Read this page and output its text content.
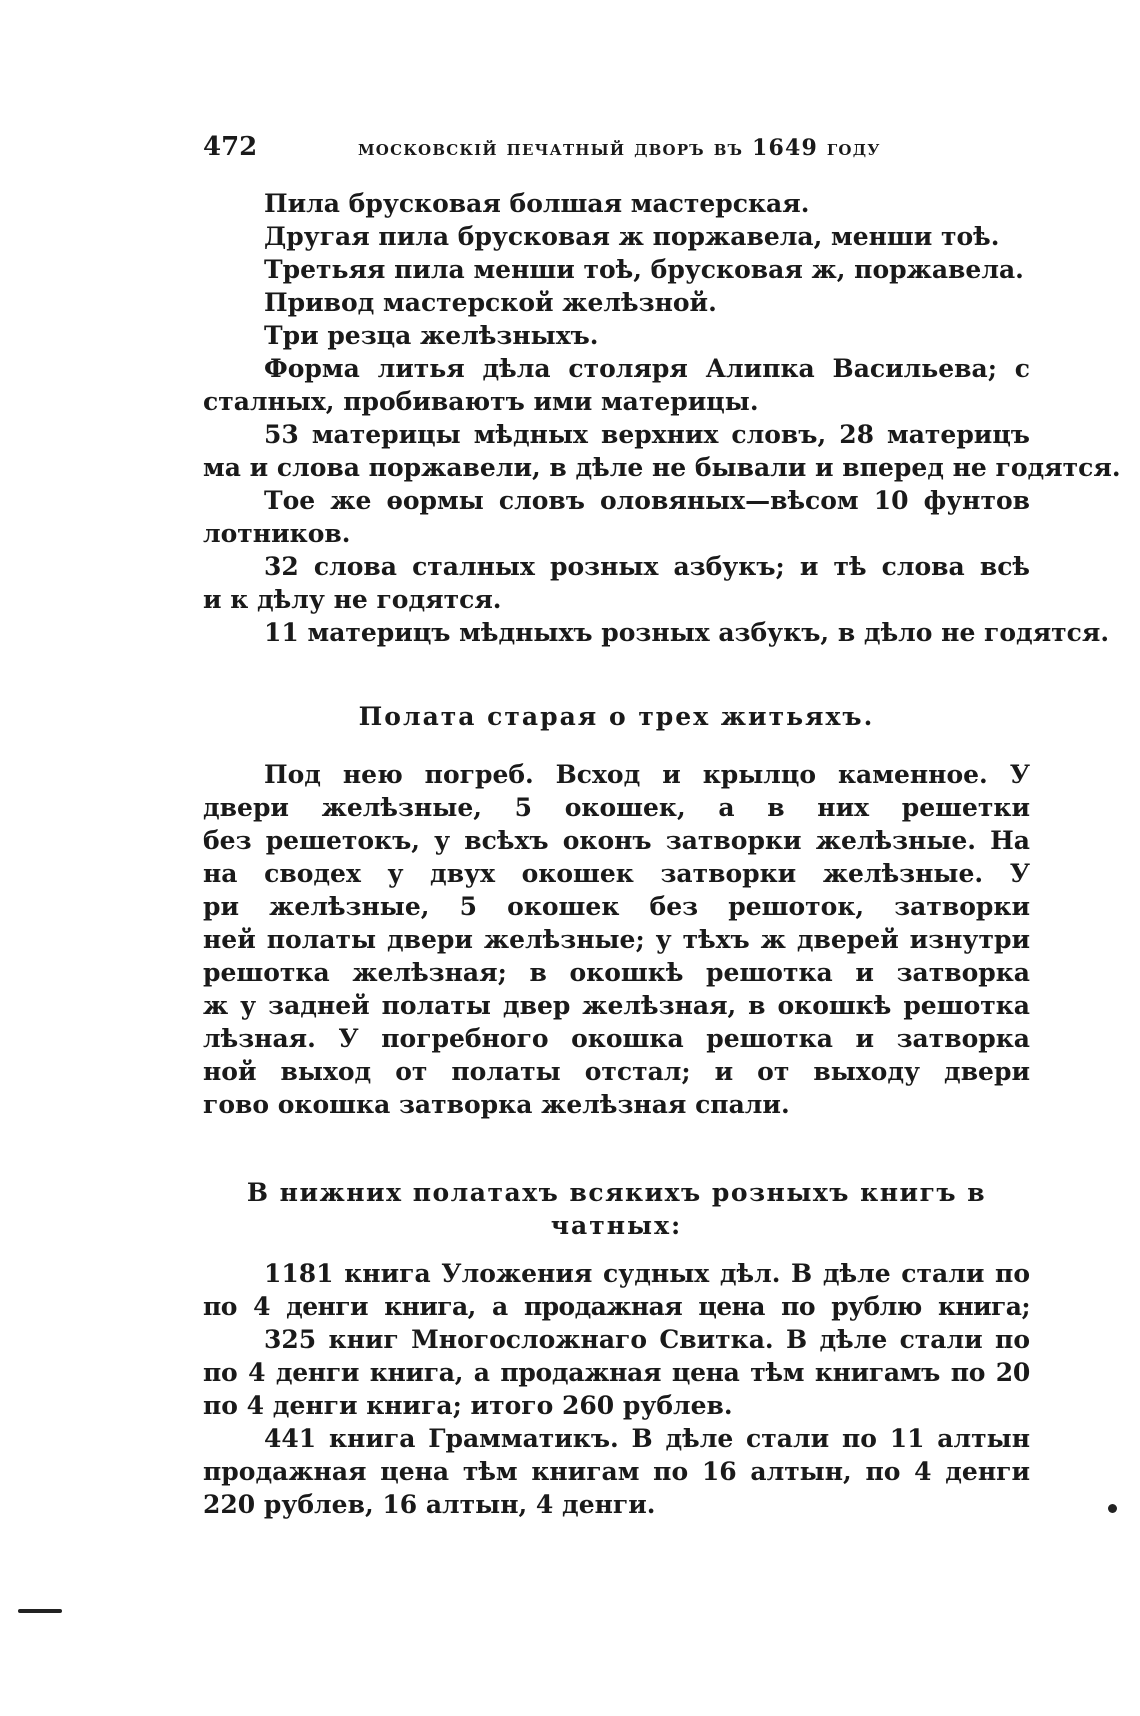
472	московскій печатный дворъ въ 1649 году
Пила брусковая болшая мастерская.
Другая пила брусковая ж поржавела, менши тоѣ.
Третьяя пила менши тоѣ, брусковая ж, поржавела.
Привод мастерской желѣзной.
Три резца желѣзныхъ.
Форма литья дѣла столяря Алипка Васильева; с
сталных, пробиваютъ ими материцы.
53 материцы мѣдных верхних словъ, 28 материцъ
ма и слова поржавели, в дѣле не бывали и вперед не годятся.
Тое же ѳормы словъ оловяных—вѣсом 10 фунтов
лотников.
32 слова сталных розных азбукъ; и тѣ слова всѣ
и к дѣлу не годятся.
11 материцъ мѣдныхъ розных азбукъ, в дѣло не годятся.
Полата старая о трех житьяхъ.
Под нею погреб. Всход и крылцо каменное. У
двери желѣзные, 5 окошек, а в них решетки
без решетокъ, у всѣхъ оконъ затворки желѣзные. На
на сводех у двух окошек затворки желѣзные. У
ри желѣзные, 5 окошек без решоток, затворки
ней полаты двери желѣзные; у тѣхъ ж дверей изнутри
решотка желѣзная; в окошкѣ решотка и затворка
ж у задней полаты двер желѣзная, в окошкѣ решотка
лѣзная. У погребного окошка решотка и затворка
ной выход от полаты отстал; и от выходу двери
гово окошка затворка желѣзная спали.
В нижних полатахъ всякихъ розныхъ книгъ в
чатных:
1181 книга Уложения судных дѣл. В дѣле стали по
по 4 денги книга, а продажная цена по рублю книга;
325 книг Многосложнаго Свитка. В дѣле стали по
по 4 денги книга, а продажная цена тѣм книгамъ по 20
по 4 денги книга; итого 260 рублев.
441 книга Грамматикъ. В дѣле стали по 11 алтын
продажная цена тѣм книгам по 16 алтын, по 4 денги
220 рублев, 16 алтын, 4 денги.
